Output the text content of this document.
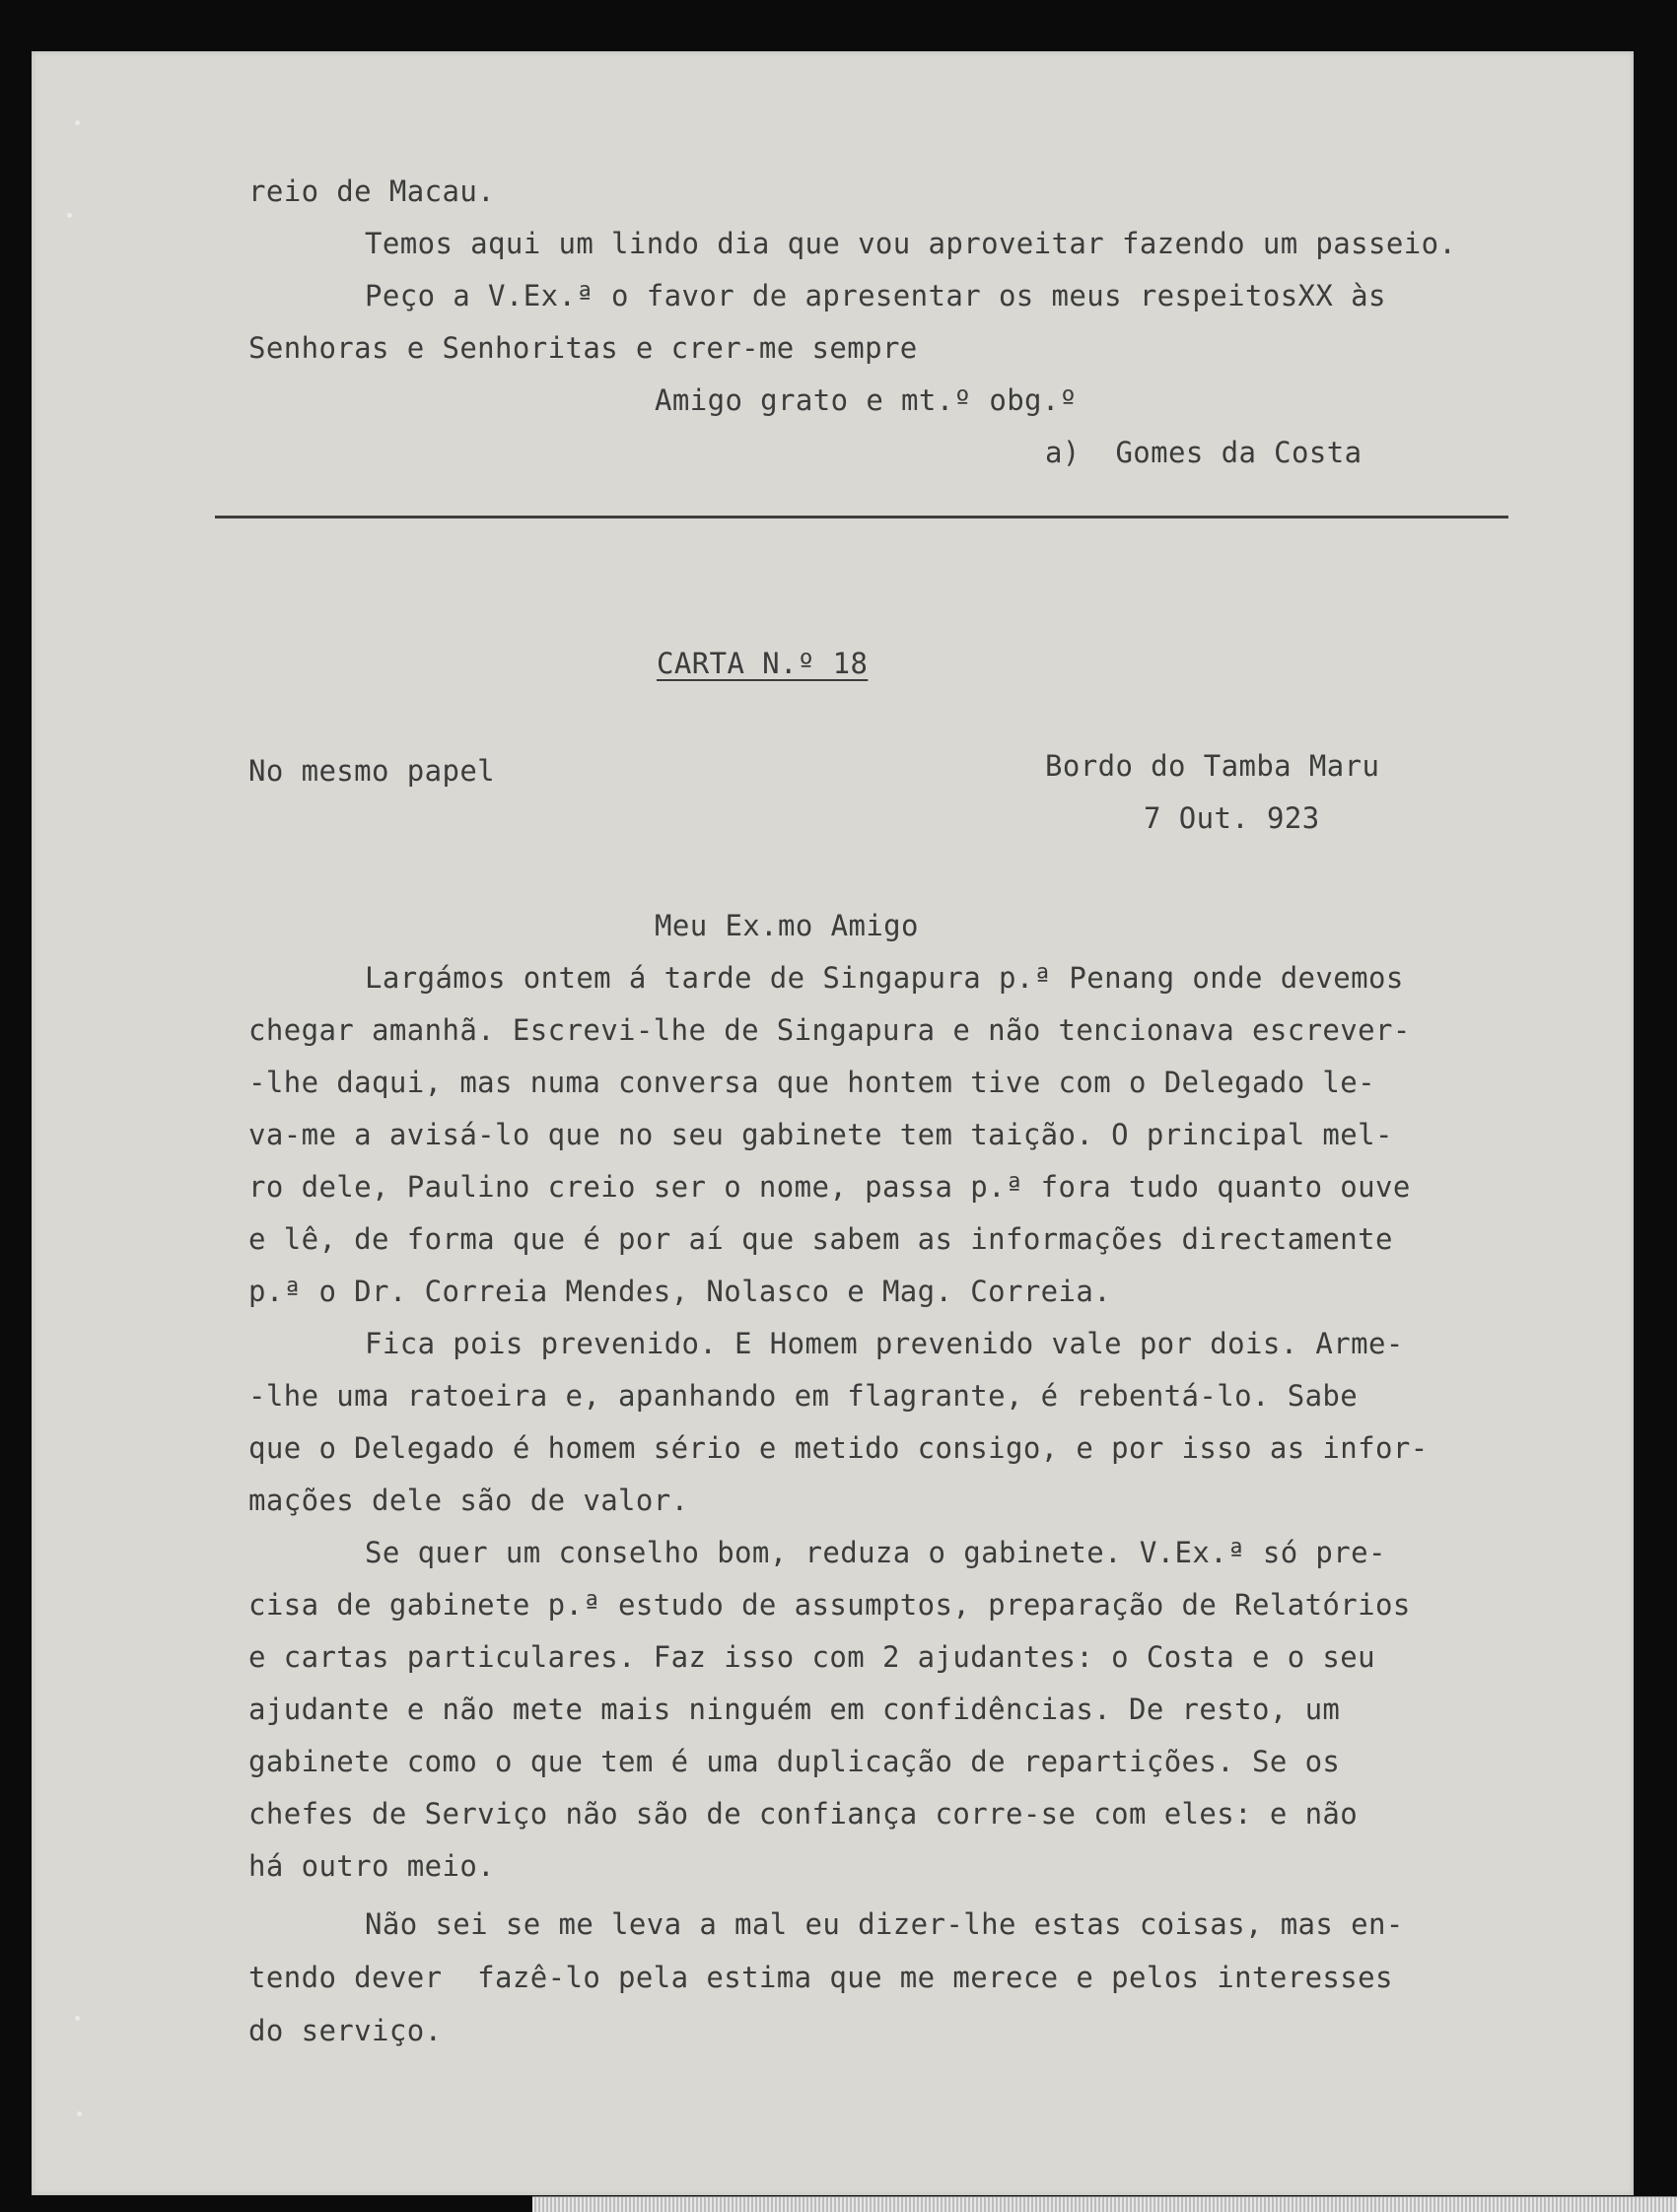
reio de Macau.
Temos aqui um lindo dia que vou aproveitar fazendo um passeio.
Peço a V.Ex.ª o favor de apresentar os meus respeitosXX às
Senhoras e Senhoritas e crer-me sempre
Amigo grato e mt.º obg.º
a)  Gomes da Costa
CARTA N.º 18
No mesmo papel	Bordo do Tamba Maru
7 Out. 923
Meu Ex.mo Amigo
Largámos ontem á tarde de Singapura p.ª Penang onde devemos
chegar amanhã. Escrevi-lhe de Singapura e não tencionava escrever-
-lhe daqui, mas numa conversa que hontem tive com o Delegado le-
va-me a avisá-lo que no seu gabinete tem taição. O principal mel-
ro dele, Paulino creio ser o nome, passa p.ª fora tudo quanto ouve
e lê, de forma que é por aí que sabem as informações directamente
p.ª o Dr. Correia Mendes, Nolasco e Mag. Correia.
Fica pois prevenido. E Homem prevenido vale por dois. Arme-
-lhe uma ratoeira e, apanhando em flagrante, é rebentá-lo. Sabe
que o Delegado é homem sério e metido consigo, e por isso as infor-
mações dele são de valor.
Se quer um conselho bom, reduza o gabinete. V.Ex.ª só pre-
cisa de gabinete p.ª estudo de assumptos, preparação de Relatórios
e cartas particulares. Faz isso com 2 ajudantes: o Costa e o seu
ajudante e não mete mais ninguém em confidências. De resto, um
gabinete como o que tem é uma duplicação de repartições. Se os
chefes de Serviço não são de confiança corre-se com eles: e não
há outro meio.
Não sei se me leva a mal eu dizer-lhe estas coisas, mas en-
tendo dever  fazê-lo pela estima que me merece e pelos interesses
do serviço.
